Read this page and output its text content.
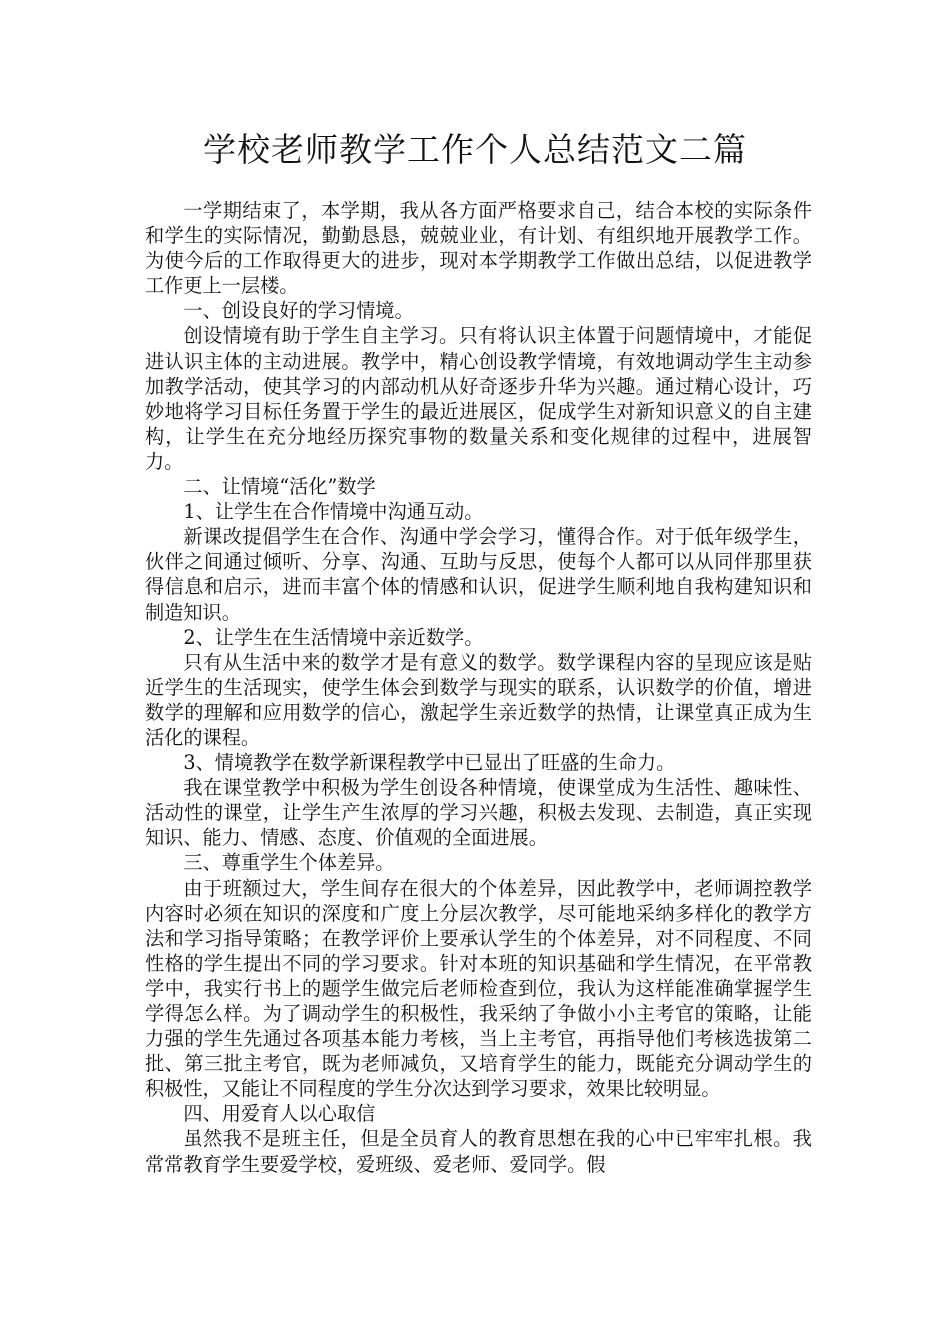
学校老师教学工作个人总结范文二篇

一学期结束了，本学期，我从各方面严格要求自己，结合本校的实际条件和学生的实际情况，勤勤恳恳，兢兢业业，有计划、有组织地开展教学工作。为使今后的工作取得更大的进步，现对本学期教学工作做出总结，以促进教学工作更上一层楼。

一、创设良好的学习情境。

创设情境有助于学生自主学习。只有将认识主体置于问题情境中，才能促进认识主体的主动进展。教学中，精心创设教学情境，有效地调动学生主动参加教学活动，使其学习的内部动机从好奇逐步升华为兴趣。通过精心设计，巧妙地将学习目标任务置于学生的最近进展区，促成学生对新知识意义的自主建构，让学生在充分地经历探究事物的数量关系和变化规律的过程中，进展智力。

二、让情境“活化”数学

1、让学生在合作情境中沟通互动。

新课改提倡学生在合作、沟通中学会学习，懂得合作。对于低年级学生，伙伴之间通过倾听、分享、沟通、互助与反思，使每个人都可以从同伴那里获得信息和启示，进而丰富个体的情感和认识，促进学生顺利地自我构建知识和制造知识。

2、让学生在生活情境中亲近数学。

只有从生活中来的数学才是有意义的数学。数学课程内容的呈现应该是贴近学生的生活现实，使学生体会到数学与现实的联系，认识数学的价值，增进数学的理解和应用数学的信心，激起学生亲近数学的热情，让课堂真正成为生活化的课程。

3、情境教学在数学新课程教学中已显出了旺盛的生命力。

我在课堂教学中积极为学生创设各种情境，使课堂成为生活性、趣味性、活动性的课堂，让学生产生浓厚的学习兴趣，积极去发现、去制造，真正实现知识、能力、情感、态度、价值观的全面进展。

三、尊重学生个体差异。

由于班额过大，学生间存在很大的个体差异，因此教学中，老师调控教学内容时必须在知识的深度和广度上分层次教学，尽可能地采纳多样化的教学方法和学习指导策略；在教学评价上要承认学生的个体差异，对不同程度、不同性格的学生提出不同的学习要求。针对本班的知识基础和学生情况，在平常教学中，我实行书上的题学生做完后老师检查到位，我认为这样能准确掌握学生学得怎么样。为了调动学生的积极性，我采纳了争做小小主考官的策略，让能力强的学生先通过各项基本能力考核，当上主考官，再指导他们考核选拔第二批、第三批主考官，既为老师减负，又培育学生的能力，既能充分调动学生的积极性，又能让不同程度的学生分次达到学习要求，效果比较明显。

四、用爱育人以心取信

虽然我不是班主任，但是全员育人的教育思想在我的心中已牢牢扎根。我常常教育学生要爱学校，爱班级、爱老师、爱同学。假
